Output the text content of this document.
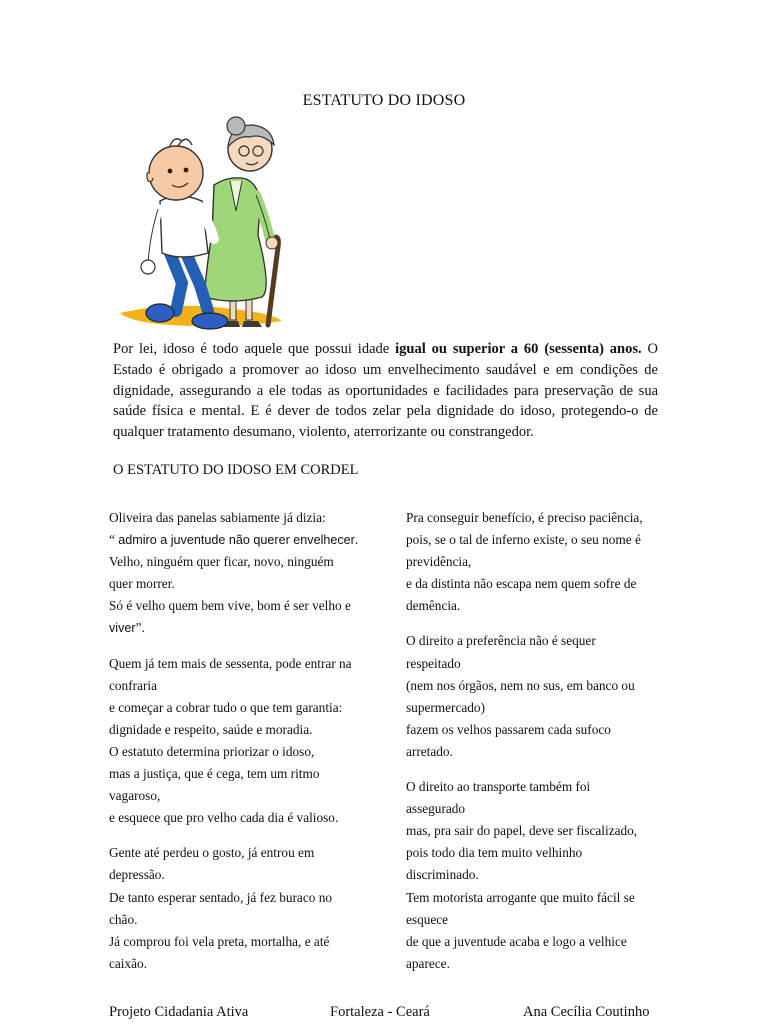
ESTATUTO DO IDOSO
Por lei, idoso é todo aquele que possui idade igual ou superior a 60 (sessenta) anos. O Estado é obrigado a promover ao idoso um envelhecimento saudável e em condições de dignidade, assegurando a ele todas as oportunidades e facilidades para preservação de sua saúde física e mental. E é dever de todos zelar pela dignidade do idoso, protegendo-o de qualquer tratamento desumano, violento, aterrorizante ou constrangedor.
O ESTATUTO DO IDOSO EM CORDEL
Oliveira das panelas sabiamente já dizia:
“ admiro a juventude não querer envelhecer.
Velho, ninguém quer ficar, novo, ninguém
quer morrer.
Só é velho quem bem vive, bom é ser velho e
viver”.
Quem já tem mais de sessenta, pode entrar na
confraria
e começar a cobrar tudo o que tem garantia:
dignidade e respeito, saúde e moradia.
O estatuto determina priorizar o idoso,
mas a justiça, que é cega, tem um ritmo
vagaroso,
e esquece que pro velho cada dia é valioso.
Gente até perdeu o gosto, já entrou em
depressão.
De tanto esperar sentado, já fez buraco no
chão.
Já comprou foi vela preta, mortalha, e até
caixão.
Pra conseguir benefício, é preciso paciência,
pois, se o tal de inferno existe, o seu nome é
previdência,
e da distinta não escapa nem quem sofre de
demência.
O direito a preferência não é sequer
respeitado
(nem nos órgãos, nem no sus, em banco ou
supermercado)
fazem os velhos passarem cada sufoco
arretado.
O direito ao transporte também foi
assegurado
mas, pra sair do papel, deve ser fiscalizado,
pois todo dia tem muito velhinho
discriminado.
Tem motorista arrogante que muito fácil se
esquece
de que a juventude acaba e logo a velhice
aparece.
Projeto Cidadania Ativa	Fortaleza - Ceará	Ana Cecília Coutinho
